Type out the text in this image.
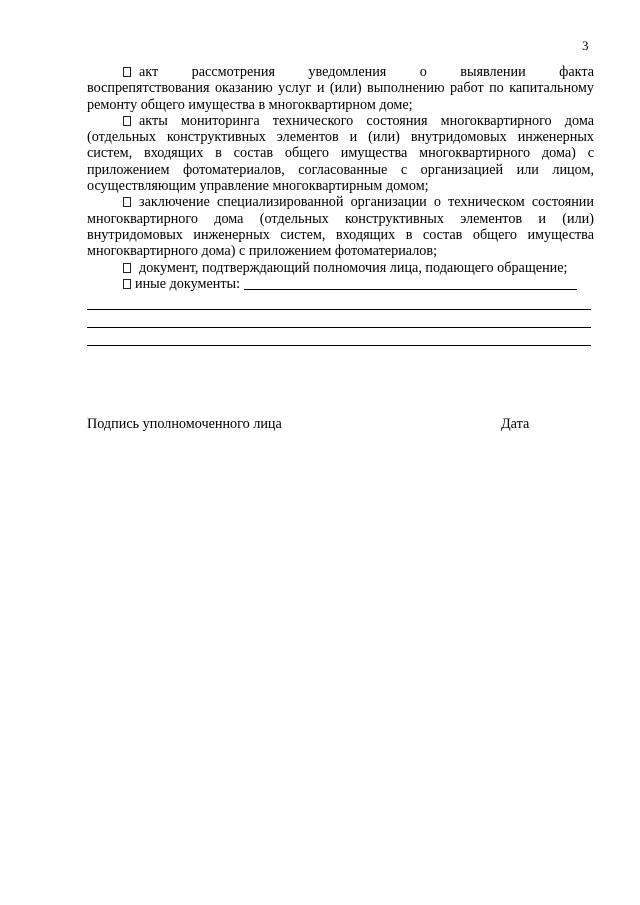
3

акт рассмотрения уведомления о выявлении факта

воспрепятствования оказанию услуг и (или) выполнению работ по капитальному ремонту общего имущества в многоквартирном доме;

акты мониторинга технического состояния многоквартирного дома (отдельных конструктивных элементов и (или) внутридомовых инженерных систем, входящих в состав общего имущества многоквартирного дома) с приложением фотоматериалов, согласованные с организацией или лицом, осуществляющим управление многоквартирным домом;

заключение специализированной организации о техническом состоянии многоквартирного дома (отдельных конструктивных элементов и (или) внутридомовых инженерных систем, входящих в состав общего имущества многоквартирного дома) с приложением фотоматериалов;

документ, подтверждающий полномочия лица, подающего обращение;

иные документы:

Подпись уполномоченного лица	Дата
